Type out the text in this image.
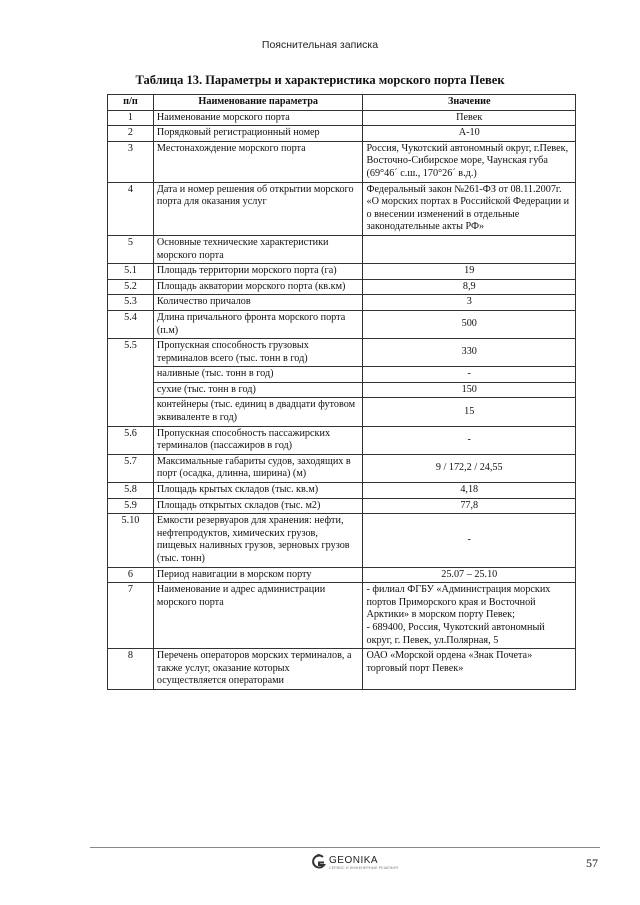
Пояснительная записка
Таблица 13. Параметры и характеристика морского порта Певек
п/п	Наименование параметра	Значение
1	Наименование морского порта	Певек
2	Порядковый регистрационный номер	А-10
3	Местонахождение морского порта	Россия, Чукотский автономный округ, г.Певек, Восточно-Сибирское море, Чаунская губа (69°46´ с.ш., 170°26´ в.д.)
4	Дата и номер решения об открытии морского порта для оказания услуг	Федеральный закон №261-ФЗ от 08.11.2007г. «О морских портах в Российской Федерации и о внесении изменений в отдельные законодательные акты РФ»
5	Основные технические характеристики морского порта	
5.1	Площадь территории морского порта (га)	19
5.2	Площадь акватории морского порта (кв.км)	8,9
5.3	Количество причалов	3
5.4	Длина причального фронта морского порта (п.м)	500
5.5	Пропускная способность грузовых терминалов всего (тыс. тонн в год)	330
	наливные (тыс. тонн в год)	-
	сухие (тыс. тонн в год)	150
	контейнеры (тыс. единиц в двадцати футовом эквиваленте в год)	15
5.6	Пропускная способность пассажирских терминалов (пассажиров в год)	-
5.7	Максимальные габариты судов, заходящих в порт (осадка, длинна, ширина) (м)	9 / 172,2 / 24,55
5.8	Площадь крытых складов (тыс. кв.м)	4,18
5.9	Площадь открытых складов (тыс. м2)	77,8
5.10	Емкости резервуаров для хранения: нефти, нефтепродуктов, химических грузов, пищевых наливных грузов, зерновых грузов (тыс. тонн)	-
6	Период навигации в морском порту	25.07 – 25.10
7	Наименование и адрес администрации морского порта	- филиал ФГБУ «Администрация морских портов Приморского края и Восточной Арктики» в морском порту Певек;
- 689400, Россия, Чукотский автономный округ, г. Певек, ул.Полярная, 5

8	Перечень операторов морских терминалов, а также услуг, оказание которых осуществляется операторами	ОАО «Морской ордена «Знак Почета» торговый порт Певек»
GEONIKA
СЕРВИС И ИНЖЕНЕРНЫЕ РЕШЕНИЯ	57
